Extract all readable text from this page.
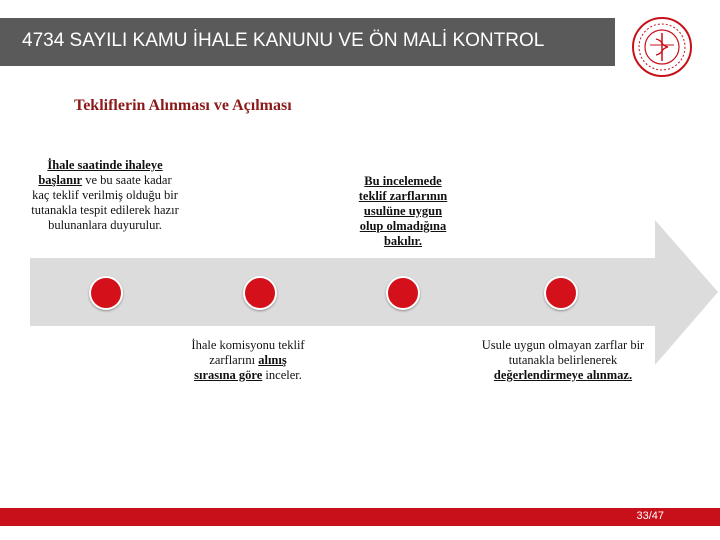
4734 SAYILI KAMU İHALE KANUNU VE ÖN MALİ KONTROL
Tekliflerin Alınması ve Açılması
İhale saatinde ihaleye
başlanır ve bu saate kadar kaç teklif verilmiş olduğu bir tutanakla tespit edilerek hazır bulunanlara duyurulur.
İhale komisyonu teklif zarflarını alınış
sırasına göre inceler.
Bu incelemede
teklif zarflarının
usulüne uygun
olup olmadığına
bakılır.
Usule uygun olmayan zarflar bir tutanakla belirlenerek
değerlendirmeye alınmaz.
33/47
